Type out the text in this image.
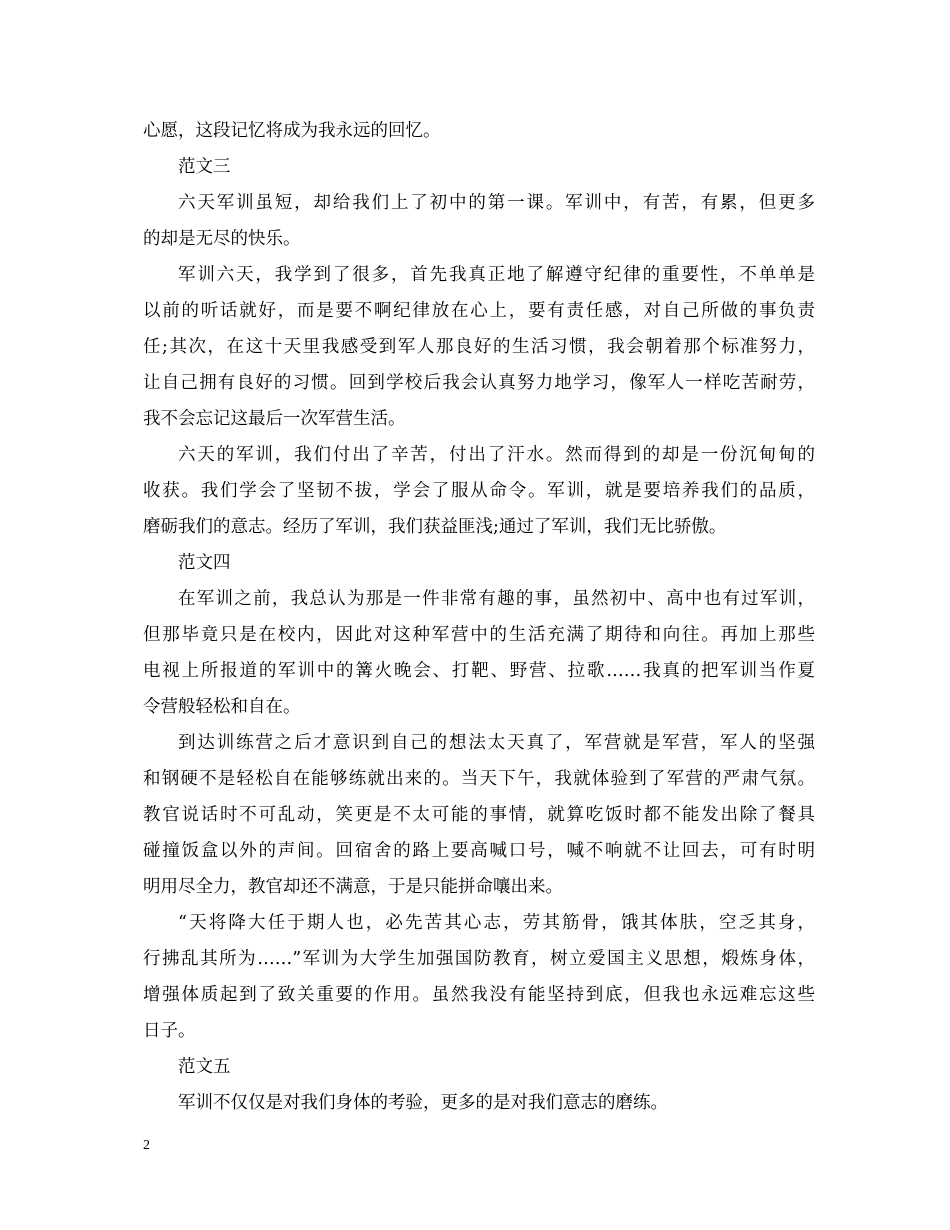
心愿，这段记忆将成为我永远的回忆。
范文三
六天军训虽短，却给我们上了初中的第一课。军训中，有苦，有累，但更多
的却是无尽的快乐。
军训六天，我学到了很多，首先我真正地了解遵守纪律的重要性，不单单是
以前的听话就好，而是要不啊纪律放在心上，要有责任感，对自己所做的事负责
任;其次，在这十天里我感受到军人那良好的生活习惯，我会朝着那个标准努力，
让自己拥有良好的习惯。回到学校后我会认真努力地学习，像军人一样吃苦耐劳，
我不会忘记这最后一次军营生活。
六天的军训，我们付出了辛苦，付出了汗水。然而得到的却是一份沉甸甸的
收获。我们学会了坚韧不拔，学会了服从命令。军训，就是要培养我们的品质，
磨砺我们的意志。经历了军训，我们获益匪浅;通过了军训，我们无比骄傲。
范文四
在军训之前，我总认为那是一件非常有趣的事，虽然初中、高中也有过军训，
但那毕竟只是在校内，因此对这种军营中的生活充满了期待和向往。再加上那些
电视上所报道的军训中的篝火晚会、打靶、野营、拉歌……我真的把军训当作夏
令营般轻松和自在。
到达训练营之后才意识到自己的想法太天真了，军营就是军营，军人的坚强
和钢硬不是轻松自在能够练就出来的。当天下午，我就体验到了军营的严肃气氛。
教官说话时不可乱动，笑更是不太可能的事情，就算吃饭时都不能发出除了餐具
碰撞饭盒以外的声间。回宿舍的路上要高喊口号，喊不响就不让回去，可有时明
明用尽全力，教官却还不满意，于是只能拼命嚷出来。
“天将降大任于期人也，必先苦其心志，劳其筋骨，饿其体肤，空乏其身，
行拂乱其所为……”军训为大学生加强国防教育，树立爱国主义思想，煅炼身体，
增强体质起到了致关重要的作用。虽然我没有能坚持到底，但我也永远难忘这些
日子。
范文五
军训不仅仅是对我们身体的考验，更多的是对我们意志的磨练。
2
